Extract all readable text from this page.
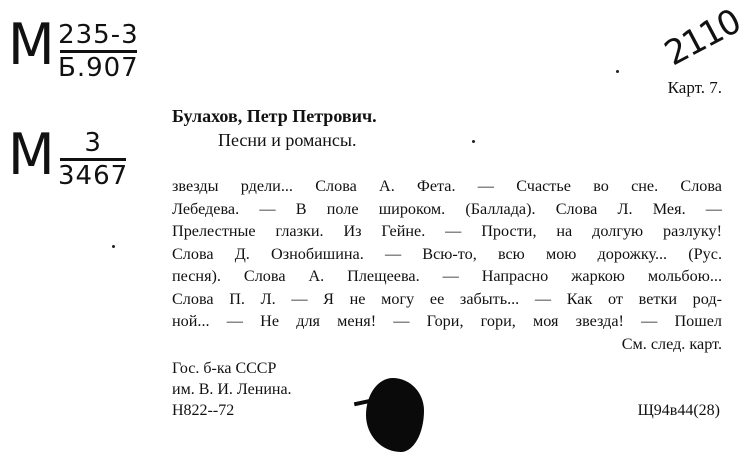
М 235-3
Б.907
М	3
3467
2110
Карт. 7.
Булахов, Петр Петрович.
Песни и романсы.
звезды рдели... Слова А. Фета. — Счастье во сне. Слова
Лебедева. — В поле широком. (Баллада). Слова Л. Мея. —
Прелестные глазки. Из Гейне. — Прости, на долгую разлуку!
Слова Д. Ознобишина. — Всю-то, всю мою дорожку... (Рус.
песня). Слова А. Плещеева. — Напрасно жаркою мольбою...
Слова П. Л. — Я не могу ее забыть... — Как от ветки род-
ной... — Не для меня! — Гори, гори, моя звезда! — Пошел
См. след. карт.
Гос. б-ка СССР
им. В. И. Ленина.
Н822--72	Щ94в44(28)
